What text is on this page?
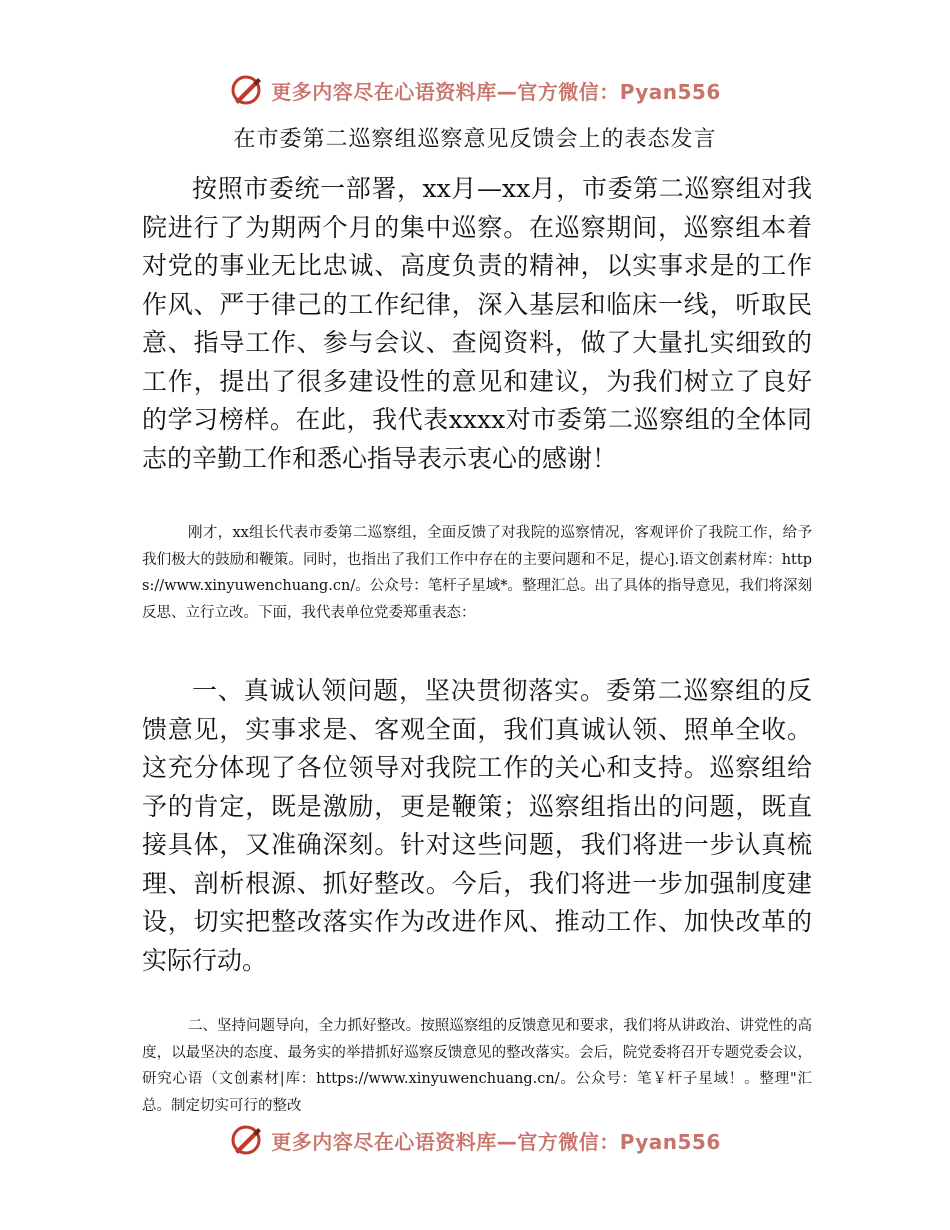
更多内容尽在心语资料库—官方微信：Pyan556
在市委第二巡察组巡察意见反馈会上的表态发言

按照市委统一部署，xx月—xx月，市委第二巡察组对我院进行了为期两个月的集中巡察。在巡察期间，巡察组本着对党的事业无比忠诚、高度负责的精神，以实事求是的工作作风、严于律己的工作纪律，深入基层和临床一线，听取民意、指导工作、参与会议、查阅资料，做了大量扎实细致的工作，提出了很多建设性的意见和建议，为我们树立了良好的学习榜样。在此，我代表xxxx对市委第二巡察组的全体同志的辛勤工作和悉心指导表示衷心的感谢！

刚才，xx组长代表市委第二巡察组，全面反馈了对我院的巡察情况，客观评价了我院工作，给予我们极大的鼓励和鞭策。同时，也指出了我们工作中存在的主要问题和不足，提心].语文创素材库：https://www.xinyuwenchuang.cn/。公众号：笔杆子星域*。整理汇总。出了具体的指导意见，我们将深刻反思、立行立改。下面，我代表单位党委郑重表态：

一、真诚认领问题，坚决贯彻落实。委第二巡察组的反馈意见，实事求是、客观全面，我们真诚认领、照单全收。这充分体现了各位领导对我院工作的关心和支持。巡察组给予的肯定，既是激励，更是鞭策；巡察组指出的问题，既直接具体，又准确深刻。针对这些问题，我们将进一步认真梳理、剖析根源、抓好整改。今后，我们将进一步加强制度建设，切实把整改落实作为改进作风、推动工作、加快改革的实际行动。

二、坚持问题导向，全力抓好整改。按照巡察组的反馈意见和要求，我们将从讲政治、讲党性的高度，以最坚决的态度、最务实的举措抓好巡察反馈意见的整改落实。会后，院党委将召开专题党委会议，研究心语（文创素材|库：https://www.xinyuwenchuang.cn/。公众号：笔￥杆子星域！。整理"汇总。制定切实可行的整改

更多内容尽在心语资料库—官方微信：Pyan556
